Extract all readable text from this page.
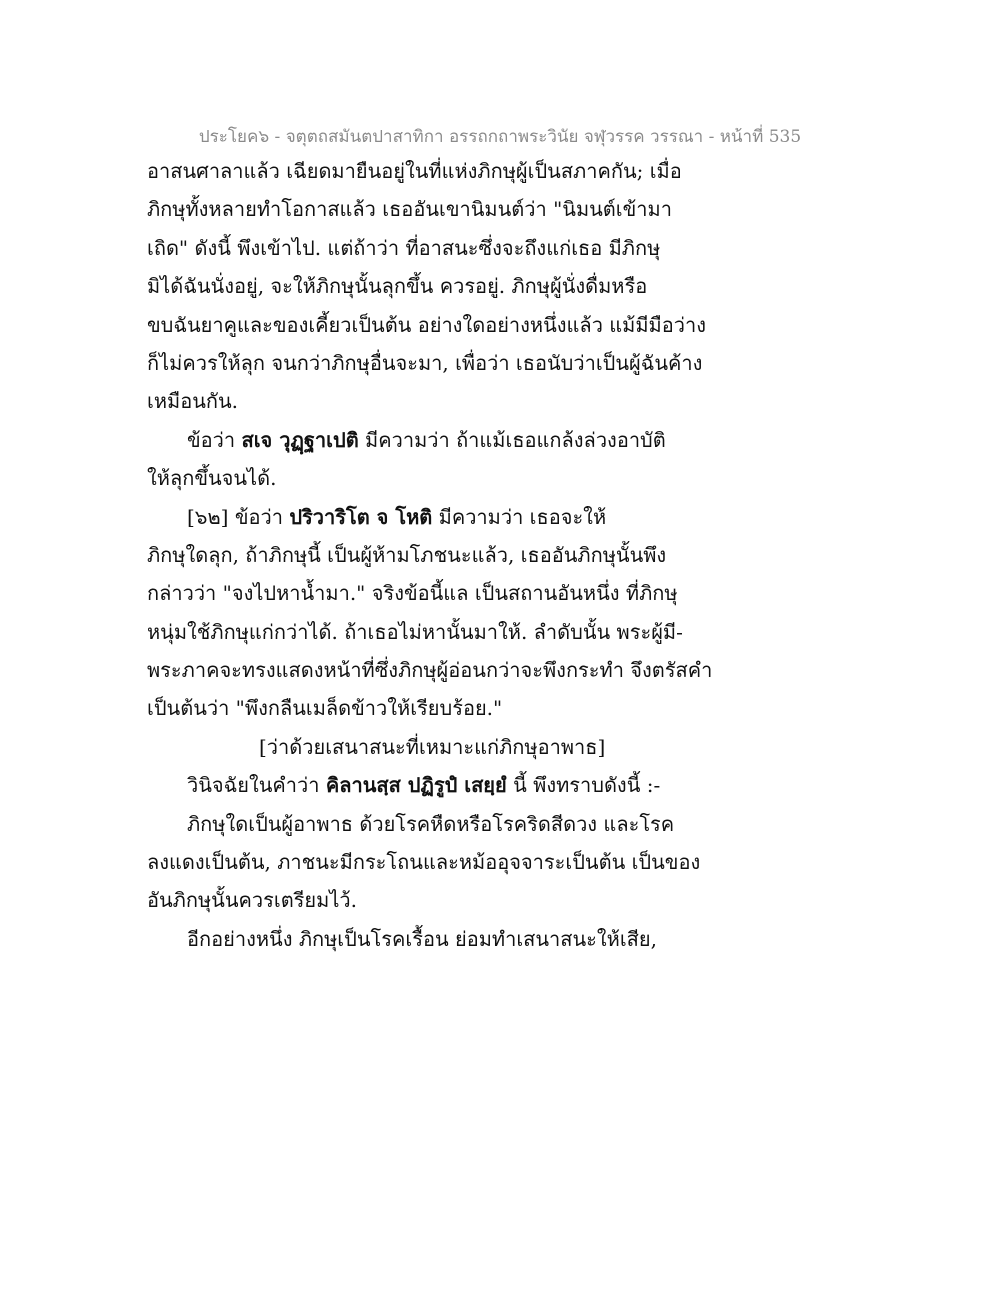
ประโยค๖ - จตุตถสมันตปาสาทิกา อรรถกถาพระวินัย จฬุวรรค วรรณา - หน้าที่ 535
อาสนศาลาแล้ว เฉียดมายืนอยู่ในที่แห่งภิกษุผู้เป็นสภาคกัน; เมื่อ
ภิกษุทั้งหลายทำโอกาสแล้ว เธออันเขานิมนต์ว่า "นิมนต์เข้ามา
เถิด" ดังนี้ พึงเข้าไป. แต่ถ้าว่า ที่อาสนะซึ่งจะถึงแก่เธอ มีภิกษุ
มิได้ฉันนั่งอยู่, จะให้ภิกษุนั้นลุกขึ้น ควรอยู่. ภิกษุผู้นั่งดื่มหรือ
ขบฉันยาคูและของเคี้ยวเป็นต้น อย่างใดอย่างหนึ่งแล้ว แม้มีมือว่าง
ก็ไม่ควรให้ลุก จนกว่าภิกษุอื่นจะมา, เพื่อว่า เธอนับว่าเป็นผู้ฉันค้าง
เหมือนกัน.
ข้อว่า สเจ วุฏฺฐาเปติ มีความว่า ถ้าแม้เธอแกล้งล่วงอาบัติ
ให้ลุกขึ้นจนได้.
[๖๒] ข้อว่า ปริวาริโต จ โหติ มีความว่า เธอจะให้
ภิกษุใดลุก, ถ้าภิกษุนี้ เป็นผู้ห้ามโภชนะแล้ว, เธออันภิกษุนั้นพึง
กล่าวว่า "จงไปหาน้ำมา." จริงข้อนี้แล เป็นสถานอันหนึ่ง ที่ภิกษุ
หนุ่มใช้ภิกษุแก่กว่าได้. ถ้าเธอไม่หานั้นมาให้. ลำดับนั้น พระผู้มี-
พระภาคจะทรงแสดงหน้าที่ซึ่งภิกษุผู้อ่อนกว่าจะพึงกระทำ จึงตรัสคำ
เป็นต้นว่า "พึงกลืนเมล็ดข้าวให้เรียบร้อย."
[ว่าด้วยเสนาสนะที่เหมาะแก่ภิกษุอาพาธ]
วินิจฉัยในคำว่า คิลานสฺส ปฏิรูปํ เสยฺยํ นี้ พึงทราบดังนี้ :-
ภิกษุใดเป็นผู้อาพาธ ด้วยโรคหืดหรือโรคริดสีดวง และโรค
ลงแดงเป็นต้น, ภาชนะมีกระโถนและหม้ออุจจาระเป็นต้น เป็นของ
อันภิกษุนั้นควรเตรียมไว้.
อีกอย่างหนึ่ง ภิกษุเป็นโรคเรื้อน ย่อมทำเสนาสนะให้เสีย,
